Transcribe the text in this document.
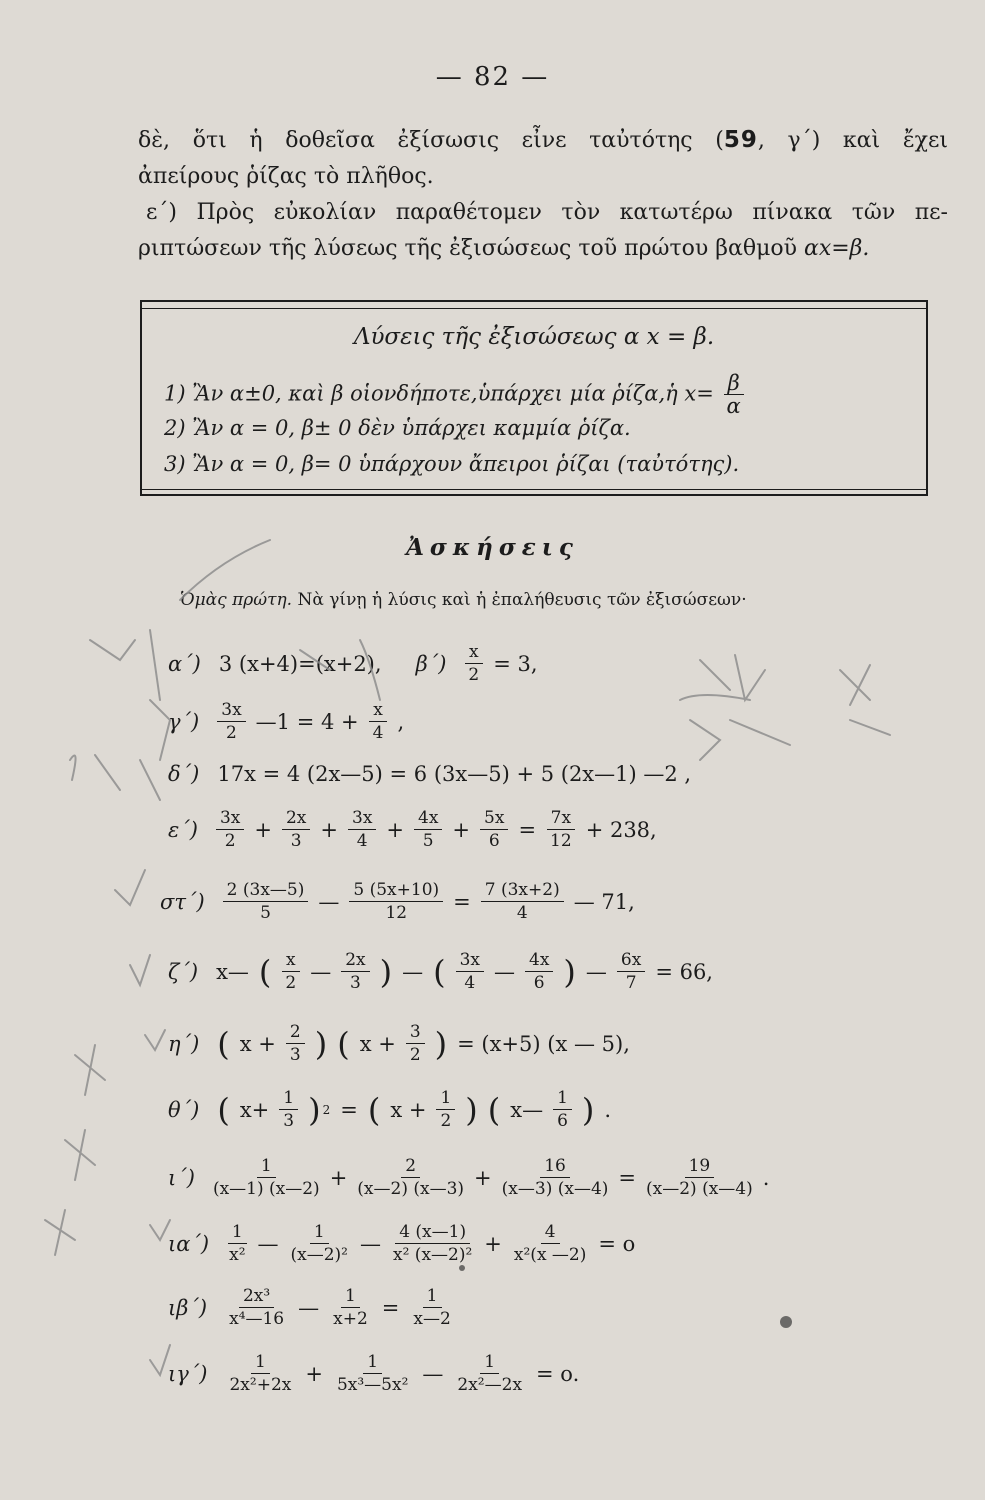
— 82 —

δὲ, ὅτι ἡ δοθεῖσα ἐξίσωσις εἶνε ταὐτότης (59, γ΄) καὶ ἔχει

ἀπείρους ῥίζας τὸ πλῆθος.

ε΄) Πρὸς εὐκολίαν παραθέτομεν τὸν κατωτέρω πίνακα τῶν πε-

ριπτώσεων τῆς λύσεως τῆς ἐξισώσεως τοῦ πρώτου βαθμοῦ αx=β.

Λύσεις τῆς ἐξισώσεως α x = β.
1) Ἂν α±0, καὶ β οἱονδήποτε,ὑπάρχει μία ῥίζα,ἡ $x= \frac{\beta}{\alpha}$
2) Ἂν α = 0, β± 0 δὲν ὑπάρχει καμμία ῥίζα.
3) Ἂν α = 0, β= 0 ὑπάρχουν ἄπειροι ῥίζαι (ταὐτότης).
Ἀσκήσεις
Ὁμὰς πρώτη. Νὰ γίνῃ ἡ λύσις καὶ ἡ ἐπαλήθευσις τῶν ἐξισώσεων·
α΄) 3 (x+4)=(x+2), $\beta΄) \frac{x}{2} = 3$,
γ΄) 3x
2 —1 = $4 + \frac{x}{4}$ ,
δ΄) 17x = 4 (2x—5) = 6 (3x—5) + 5 (2x—1) —2 ,
ε΄) 3x
$2 + \frac{2x}{3} + \frac{3x}{4} + \frac{4x}{5} + \frac{5x}{6} = \frac{7x}{12} + 238$,
στ΄) 2 (3x—5)
5 — $\frac{5 (5x+10)}{12} = \frac{7 (3x+2)}{4}$ — 71,
ζ΄) x— ( x
2 — 2x
3 ) — ( 3x
4 — 4x
6 ) — $\frac{6x}{7} = 66$,
η΄) ( $x + \frac{2}{3}$ ) ( $x + \frac{3}{2}$ ) = (x+5) (x — 5),
θ΄) ( $x+ \frac{1}{3}$ ) 2 = ( $x + \frac{1}{2}$ ) ( x— 1
6 ) .
ι΄)	1
(x—1) (x—2) + $\frac{2}{(x—2) (x—3)} + \frac{16}{(x—3) (x—4)} = \frac{19}{(x—2) (x—4)}$ .
ια΄) 1
x² — 1
(x—2)² — 4 (x—1)
x² (x—2)² + $\frac{4}{\text{x²(x —2)}} = o$
ιβ΄) 2x³
x⁴—16 — $\frac{1}{x+2} = \frac{1}{x—2}$
ιγ΄)	1
$2x^2+2x + \frac{1}{\text{5x³—5x²}}$ — $\frac{1}{\text{2x²—2x}} = o$.
